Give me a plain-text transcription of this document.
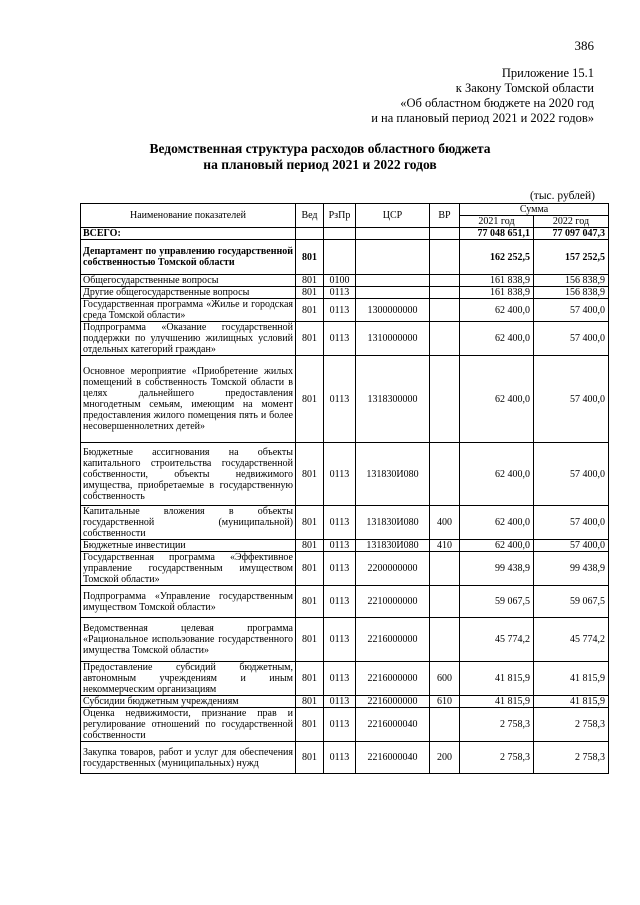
386
Приложение 15.1
к Закону Томской области
«Об областном бюджете на 2020 год
и на плановый период 2021 и 2022 годов»
Ведомственная структура расходов областного бюджета
на плановый период 2021 и 2022 годов
(тыс. рублей)
Наименование показателей	Вед	РзПр	ЦСР	ВР	Сумма	
					2021 год	2022 год
ВСЕГО:					77 048 651,1	77 097 047,3
Департамент по управлению государственной собственностью Томской области	801				162 252,5	157 252,5
Общегосударственные вопросы	801	0100			161 838,9	156 838,9
Другие общегосударственные вопросы	801	0113			161 838,9	156 838,9
Государственная программа «Жилье и городская среда Томской области»	801	0113	1300000000		62 400,0	57 400,0
Подпрограмма «Оказание государственной поддержки по улучшению жилищных условий отдельных категорий граждан»	801	0113	1310000000		62 400,0	57 400,0
Основное мероприятие «Приобретение жилых помещений в собственность Томской области в целях дальнейшего предоставления многодетным семьям, имеющим на момент предоставления жилого помещения пять и более несовершеннолетних детей»	801	0113	1318300000		62 400,0	57 400,0
Бюджетные ассигнования на объекты капитального строительства государственной собственности, объекты недвижимого имущества, приобретаемые в государственную собственность	801	0113	131830И080		62 400,0	57 400,0
Капитальные вложения в объекты государственной (муниципальной) собственности	801	0113	131830И080	400	62 400,0	57 400,0
Бюджетные инвестиции	801	0113	131830И080	410	62 400,0	57 400,0
Государственная программа «Эффективное управление государственным имуществом Томской области»	801	0113	2200000000		99 438,9	99 438,9
Подпрограмма «Управление государственным имуществом Томской области»	801	0113	2210000000		59 067,5	59 067,5
Ведомственная целевая программа «Рациональное использование государственного имущества Томской области»	801	0113	2216000000		45 774,2	45 774,2
Предоставление субсидий бюджетным, автономным учреждениям и иным некоммерческим организациям	801	0113	2216000000	600	41 815,9	41 815,9
Субсидии бюджетным учреждениям	801	0113	2216000000	610	41 815,9	41 815,9
Оценка недвижимости, признание прав и регулирование отношений по государственной собственности	801	0113	2216000040		2 758,3	2 758,3
Закупка товаров, работ и услуг для обеспечения государственных (муниципальных) нужд	801	0113	2216000040	200	2 758,3	2 758,3
